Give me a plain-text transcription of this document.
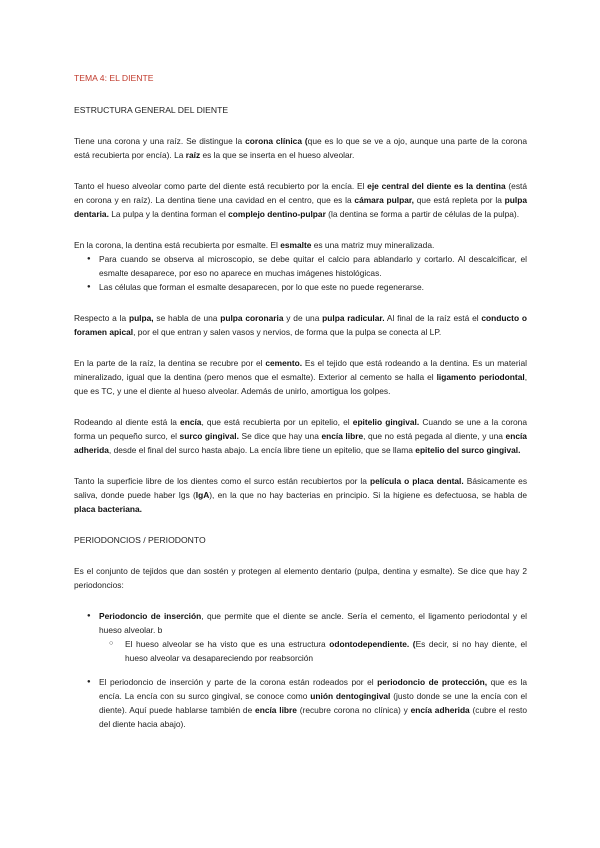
TEMA 4: EL DIENTE
ESTRUCTURA GENERAL DEL DIENTE

Tiene una corona y una raíz. Se distingue la corona clínica (que es lo que se ve a ojo, aunque una parte de la corona está recubierta por encía). La raíz es la que se inserta en el hueso alveolar.

Tanto el hueso alveolar como parte del diente está recubierto por la encía. El eje central del diente es la dentina (está en corona y en raíz). La dentina tiene una cavidad en el centro, que es la cámara pulpar, que está repleta por la pulpa dentaria. La pulpa y la dentina forman el complejo dentino-pulpar (la dentina se forma a partir de células de la pulpa).

En la corona, la dentina está recubierta por esmalte. El esmalte es una matriz muy mineralizada.

● Para cuando se observa al microscopio, se debe quitar el calcio para ablandarlo y cortarlo. Al descalcificar, el esmalte desaparece, por eso no aparece en muchas imágenes histológicas.
● Las células que forman el esmalte desaparecen, por lo que este no puede regenerarse.

Respecto a la pulpa, se habla de una pulpa coronaria y de una pulpa radicular. Al final de la raíz está el conducto o foramen apical, por el que entran y salen vasos y nervios, de forma que la pulpa se conecta al LP.

En la parte de la raíz, la dentina se recubre por el cemento. Es el tejido que está rodeando a la dentina. Es un material mineralizado, igual que la dentina (pero menos que el esmalte). Exterior al cemento se halla el ligamento periodontal, que es TC, y une el diente al hueso alveolar. Además de unirlo, amortigua los golpes.

Rodeando al diente está la encía, que está recubierta por un epitelio, el epitelio gingival. Cuando se une a la corona forma un pequeño surco, el surco gingival. Se dice que hay una encía libre, que no está pegada al diente, y una encía adherida, desde el final del surco hasta abajo. La encía libre tiene un epitelio, que se llama epitelio del surco gingival.

Tanto la superficie libre de los dientes como el surco están recubiertos por la película o placa dental. Básicamente es saliva, donde puede haber Igs (IgA), en la que no hay bacterias en principio. Si la higiene es defectuosa, se habla de placa bacteriana.

PERIODONCIOS / PERIODONTO

Es el conjunto de tejidos que dan sostén y protegen al elemento dentario (pulpa, dentina y esmalte). Se dice que hay 2 periodoncios:

● Periodoncio de inserción, que permite que el diente se ancle. Sería el cemento, el ligamento periodontal y el hueso alveolar. b
○ El hueso alveolar se ha visto que es una estructura odontodependiente. (Es decir, si no hay diente, el hueso alveolar va desapareciendo por reabsorción
● El periodoncio de inserción y parte de la corona están rodeados por el periodoncio de protección, que es la encía. La encía con su surco gingival, se conoce como unión dentogingival (justo donde se une la encía con el diente). Aquí puede hablarse también de encía libre (recubre corona no clínica) y encía adherida (cubre el resto del diente hacia abajo).
